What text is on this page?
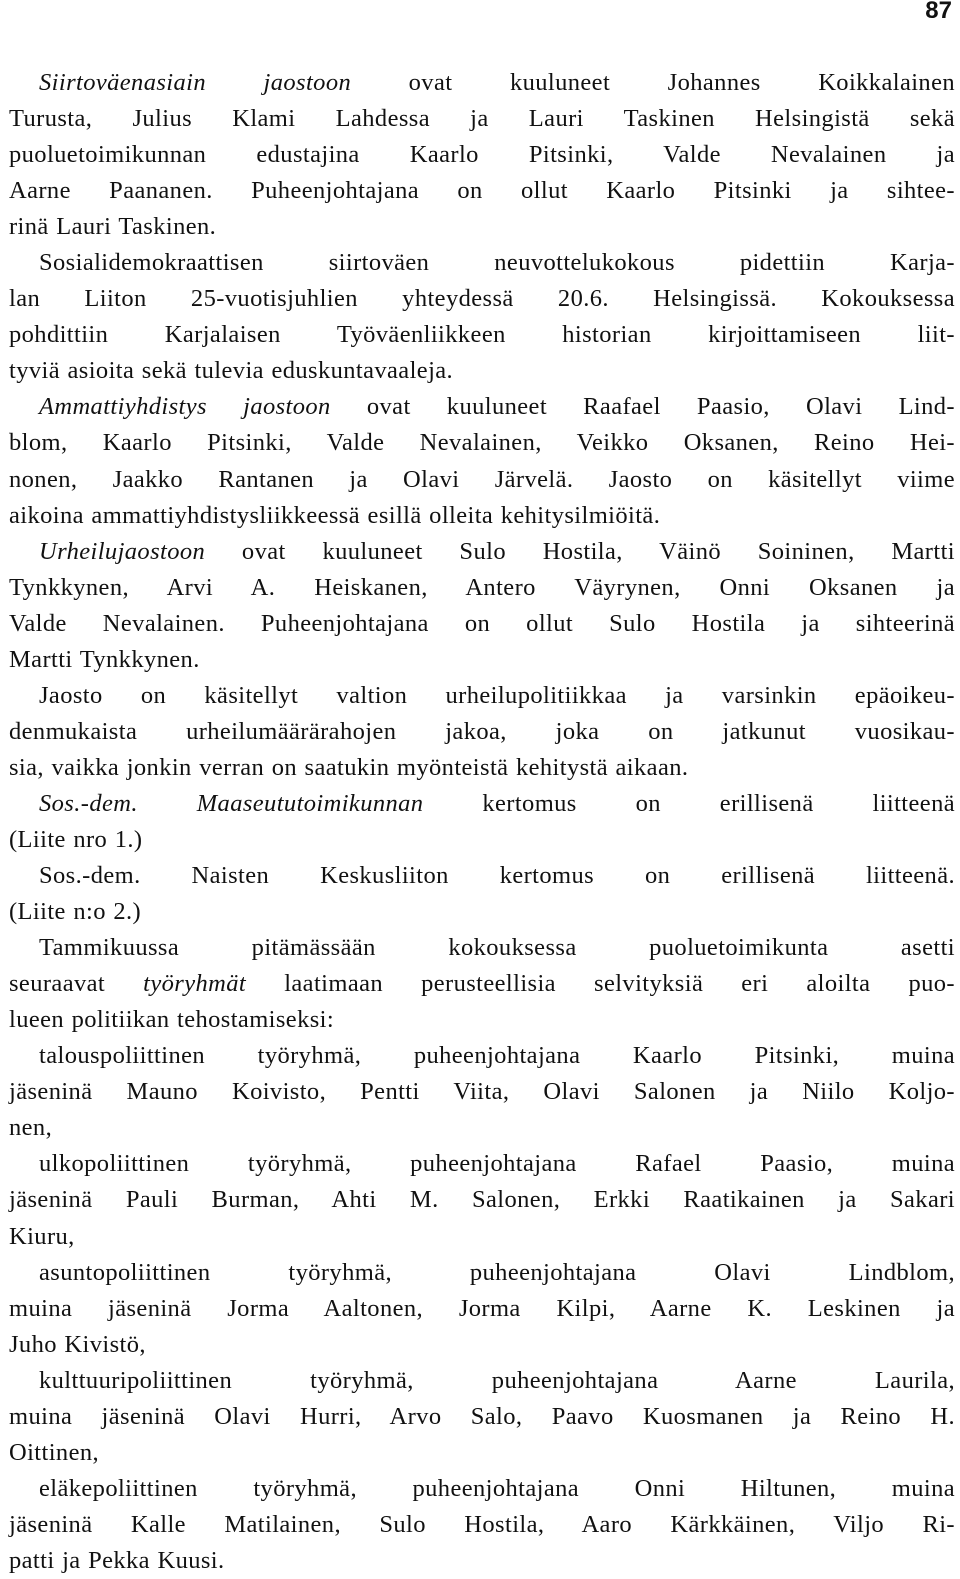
87
Siirtoväenasiain jaostoon ovat kuuluneet Johannes Koikkalainen
Turusta, Julius Klami Lahdessa ja Lauri Taskinen Helsingistä sekä
puoluetoimikunnan edustajina Kaarlo Pitsinki, Valde Nevalainen ja
Aarne Paananen. Puheenjohtajana on ollut Kaarlo Pitsinki ja sihtee-
rinä Lauri Taskinen.
Sosialidemokraattisen siirtoväen neuvottelukokous pidettiin Karja-
lan Liiton 25-vuotisjuhlien yhteydessä 20.6. Helsingissä. Kokouksessa
pohdittiin Karjalaisen Työväenliikkeen historian kirjoittamiseen liit-
tyviä asioita sekä tulevia eduskuntavaaleja.
Ammattiyhdistys jaostoon ovat kuuluneet Raafael Paasio, Olavi Lind-
blom, Kaarlo Pitsinki, Valde Nevalainen, Veikko Oksanen, Reino Hei-
nonen, Jaakko Rantanen ja Olavi Järvelä. Jaosto on käsitellyt viime
aikoina ammattiyhdistysliikkeessä esillä olleita kehitysilmiöitä.
Urheilujaostoon ovat kuuluneet Sulo Hostila, Väinö Soininen, Martti
Tynkkynen, Arvi A. Heiskanen, Antero Väyrynen, Onni Oksanen ja
Valde Nevalainen. Puheenjohtajana on ollut Sulo Hostila ja sihteerinä
Martti Tynkkynen.
Jaosto on käsitellyt valtion urheilupolitiikkaa ja varsinkin epäoikeu-
denmukaista urheilumäärärahojen jakoa, joka on jatkunut vuosikau-
sia, vaikka jonkin verran on saatukin myönteistä kehitystä aikaan.
Sos.-dem. Maaseututoimikunnan kertomus on erillisenä liitteenä
(Liite nro 1.)
Sos.-dem. Naisten Keskusliiton kertomus on erillisenä liitteenä.
(Liite n:o 2.)
Tammikuussa pitämässään kokouksessa puoluetoimikunta asetti
seuraavat työryhmät laatimaan perusteellisia selvityksiä eri aloilta puo-
lueen politiikan tehostamiseksi:
talouspoliittinen työryhmä, puheenjohtajana Kaarlo Pitsinki, muina
jäseninä Mauno Koivisto, Pentti Viita, Olavi Salonen ja Niilo Koljo-
nen,
ulkopoliittinen työryhmä, puheenjohtajana Rafael Paasio, muina
jäseninä Pauli Burman, Ahti M. Salonen, Erkki Raatikainen ja Sakari
Kiuru,
asuntopoliittinen työryhmä, puheenjohtajana Olavi Lindblom,
muina jäseninä Jorma Aaltonen, Jorma Kilpi, Aarne K. Leskinen ja
Juho Kivistö,
kulttuuripoliittinen työryhmä, puheenjohtajana Aarne Laurila,
muina jäseninä Olavi Hurri, Arvo Salo, Paavo Kuosmanen ja Reino H.
Oittinen,
eläkepoliittinen työryhmä, puheenjohtajana Onni Hiltunen, muina
jäseninä Kalle Matilainen, Sulo Hostila, Aaro Kärkkäinen, Viljo Ri-
patti ja Pekka Kuusi.
